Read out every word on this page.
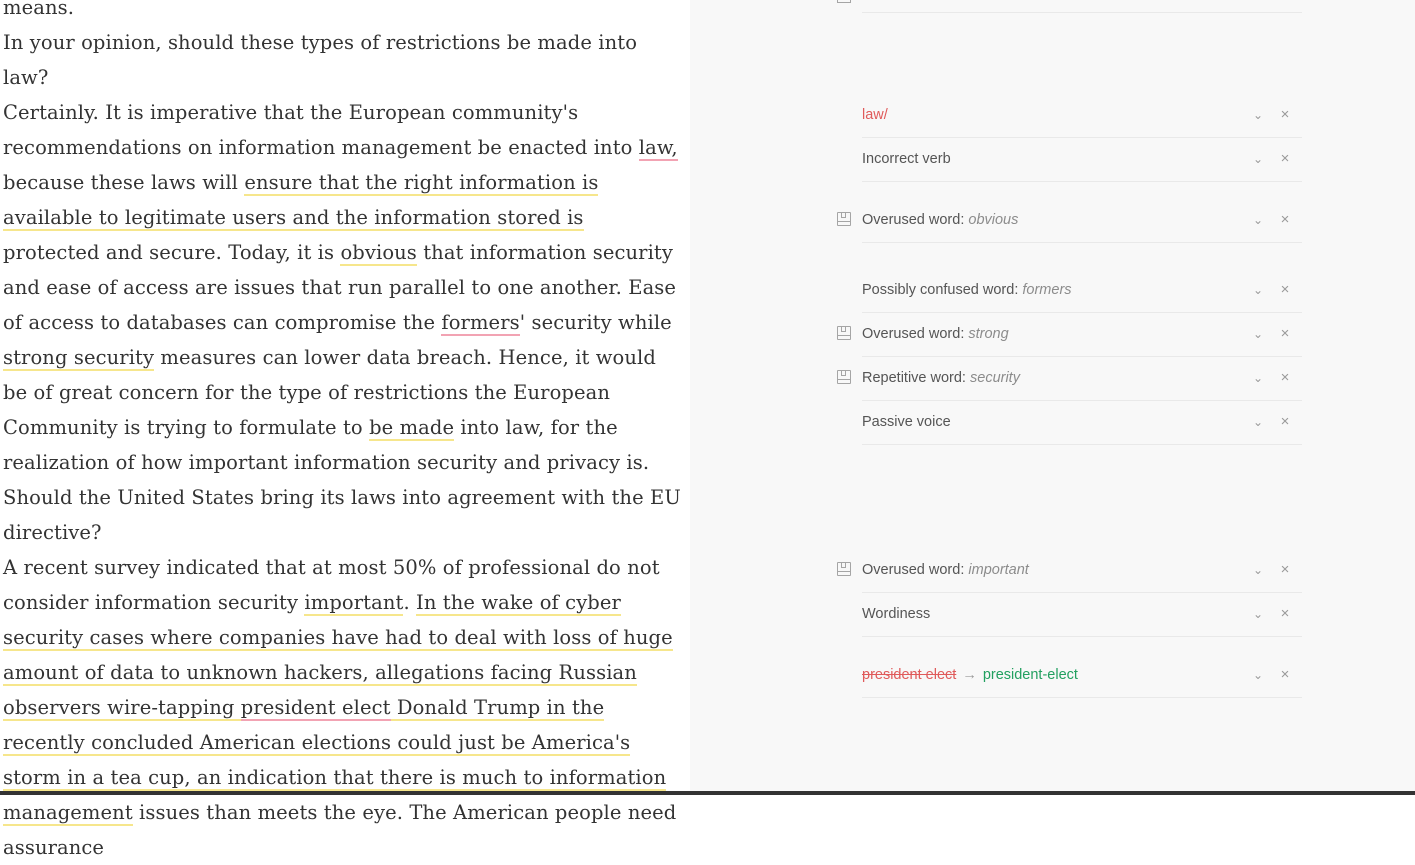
means.

In your opinion, should these types of restrictions be made into law?

Certainly. It is imperative that the European community's recommendations on information management be enacted into law, because these laws will ensure that the right information is available to legitimate users and the information stored is protected and secure. Today, it is obvious that information security and ease of access are issues that run parallel to one another. Ease of access to databases can compromise the formers' security while strong security measures can lower data breach. Hence, it would be of great concern for the type of restrictions the European Community is trying to formulate to be made into law, for the realization of how important information security and privacy is.

Should the United States bring its laws into agreement with the EU directive?

A recent survey indicated that at most 50% of professional do not consider information security important. In the wake of cyber security cases where companies have had to deal with loss of huge amount of data to unknown hackers, allegations facing Russian observers wire-tapping president elect Donald Trump in the recently concluded American elections could just be America's storm in a tea cup, an indication that there is much to information management issues than meets the eye. The American people need assurance

law/	⌄	×
Incorrect verb	⌄	×
Overused word: obvious	⌄	×
Possibly confused word: formers	⌄	×
Overused word: strong	⌄	×
Repetitive word: security	⌄	×
Passive voice	⌄	×
Overused word: important	⌄	×
Wordiness	⌄	×
president elect → president-elect	⌄	×
